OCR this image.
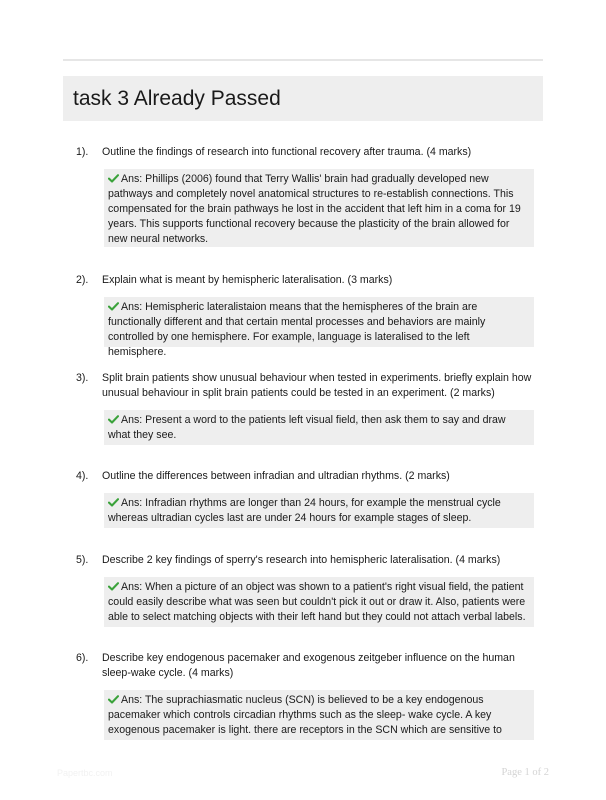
task 3 Already Passed
1). Outline the findings of research into functional recovery after trauma. (4 marks)
Ans: Phillips (2006) found that Terry Wallis' brain had gradually developed new pathways and completely novel anatomical structures to re-establish connections. This compensated for the brain pathways he lost in the accident that left him in a coma for 19 years. This supports functional recovery because the plasticity of the brain allowed for new neural networks.
2). Explain what is meant by hemispheric lateralisation. (3 marks)
Ans: Hemispheric lateralistaion means that the hemispheres of the brain are functionally different and that certain mental processes and behaviors are mainly controlled by one hemisphere. For example, language is lateralised to the left hemisphere.
3). Split brain patients show unusual behaviour when tested in experiments. briefly explain how unusual behaviour in split brain patients could be tested in an experiment. (2 marks)
Ans: Present a word to the patients left visual field, then ask them to say and draw what they see.
4). Outline the differences between infradian and ultradian rhythms. (2 marks)
Ans: Infradian rhythms are longer than 24 hours, for example the menstrual cycle whereas ultradian cycles last are under 24 hours for example stages of sleep.
5). Describe 2 key findings of sperry's research into hemispheric lateralisation. (4 marks)
Ans: When a picture of an object was shown to a patient's right visual field, the patient could easily describe what was seen but couldn't pick it out or draw it. Also, patients were able to select matching objects with their left hand but they could not attach verbal labels.
6). Describe key endogenous pacemaker and exogenous zeitgeber influence on the human sleep-wake cycle. (4 marks)
Ans: The suprachiasmatic nucleus (SCN) is believed to be a key endogenous pacemaker which controls circadian rhythms such as the sleep- wake cycle. A key exogenous pacemaker is light. there are receptors in the SCN which are sensitive to
Papertbc.com	Page 1 of 2
